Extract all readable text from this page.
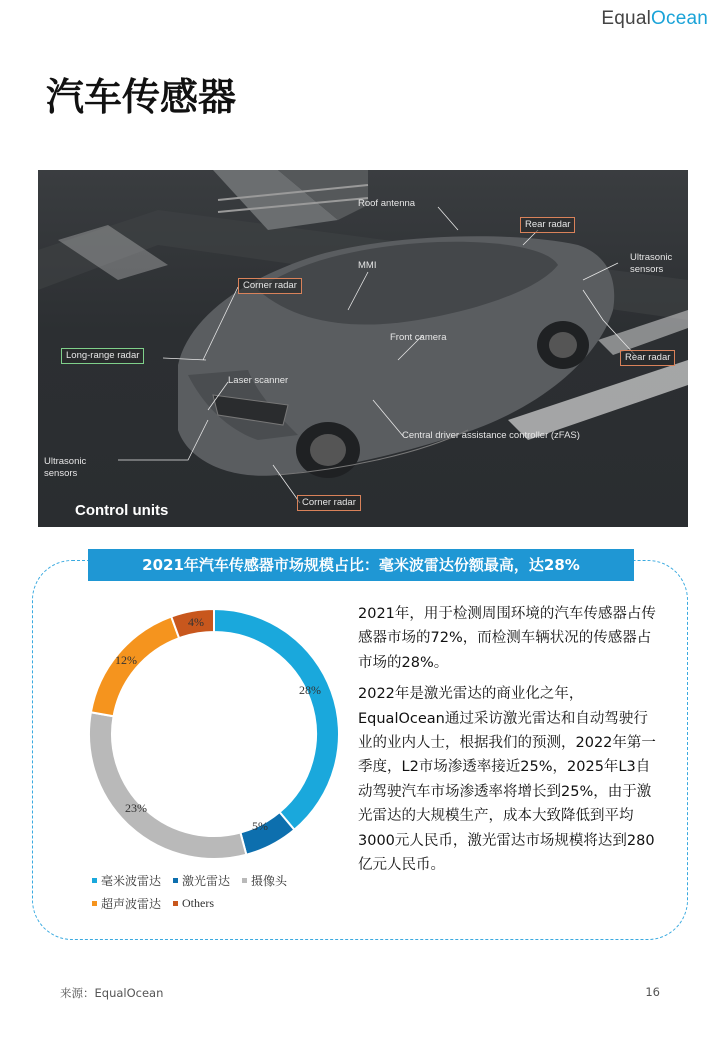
EqualOcean
汽车传感器
Roof antenna
Rear radar
Ultrasonic
sensors
MMI
Corner radar
Front camera
Rear radar
Long-range radar
Laser scanner
Central driver assistance controller (zFAS)
Ultrasonic
sensors
Corner radar
Control units
2021年汽车传感器市场规模占比：毫米波雷达份额最高，达28%
28%
5%
23%
12%
4%
毫米波雷达 激光雷达 摄像头
超声波雷达 Others

2021年，用于检测周围环境的汽车传感器占传感器市场的72%，而检测车辆状况的传感器占市场的28%。

2022年是激光雷达的商业化之年，EqualOcean通过采访激光雷达和自动驾驶行业的业内人士，根据我们的预测，2022年第一季度，L2市场渗透率接近25%，2025年L3自动驾驶汽车市场渗透率将增长到25%，由于激光雷达的大规模生产，成本大致降低到平均3000元人民币，激光雷达市场规模将达到280亿元人民币。

来源：EqualOcean	16
